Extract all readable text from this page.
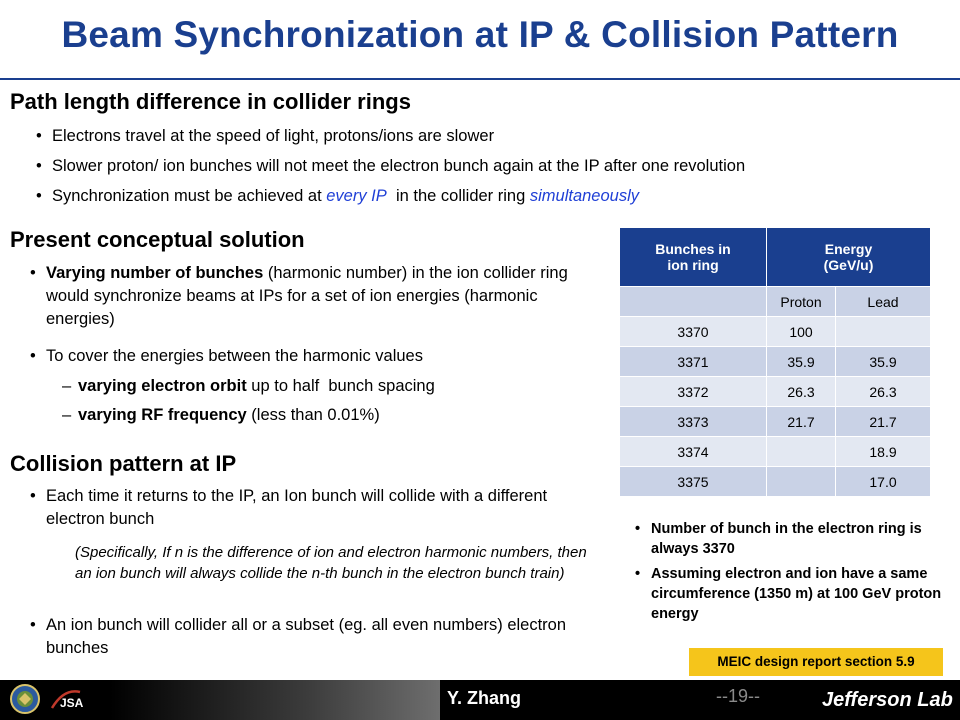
Beam Synchronization at IP & Collision Pattern
Path length difference in collider rings
• Electrons travel at the speed of light, protons/ions are slower
• Slower proton/ ion bunches will not meet the electron bunch again at the IP after one revolution
• Synchronization must be achieved at every IP  in the collider ring simultaneously
Present conceptual solution
• Varying number of bunches (harmonic number) in the ion collider ring would synchronize beams at IPs for a set of ion energies (harmonic energies)
• To cover the energies between the harmonic values
– varying electron orbit up to half  bunch spacing
– varying RF frequency (less than 0.01%)
Collision pattern at IP
• Each time it returns to the IP, an Ion bunch will collide with a different electron bunch
(Specifically, If n is the difference of ion and electron harmonic numbers, then an ion bunch will always collide the n-th bunch in the electron bunch train)
• An ion bunch will collider all or a subset (eg. all even numbers) electron bunches
Bunches in ion ring	Energy (GeV/u)	

	Proton	Lead
3370	100	
3371	35.9	35.9
3372	26.3	26.3
3373	21.7	21.7
3374		18.9
3375		17.0
• Number of bunch in the electron ring is always 3370
• Assuming electron and ion have a same circumference (1350 m) at 100 GeV proton energy
MEIC design report section 5.9
Y. Zhang	--19--	Jefferson Lab
JSA
